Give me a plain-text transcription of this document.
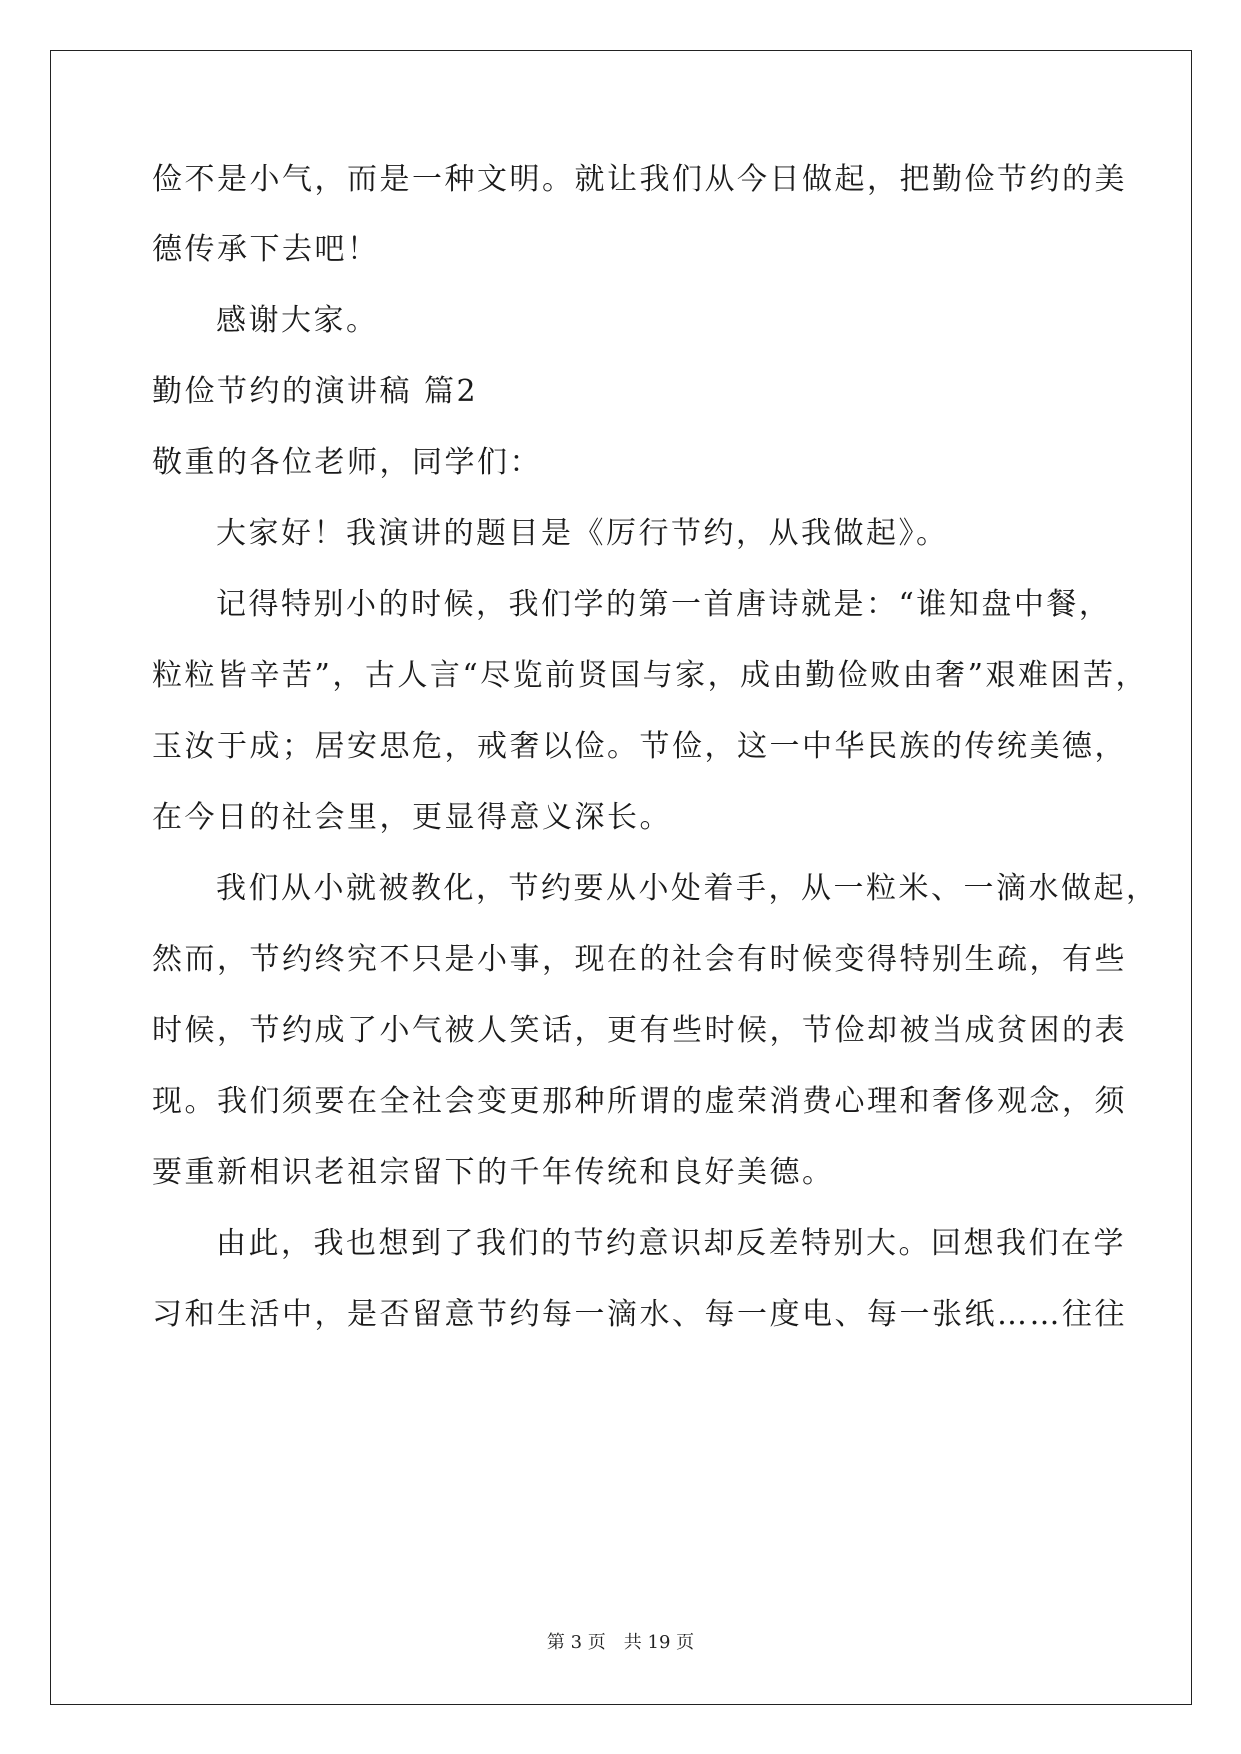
俭不是小气，而是一种文明。就让我们从今日做起，把勤俭节约的美
德传承下去吧！
感谢大家。
勤俭节约的演讲稿 篇2
敬重的各位老师，同学们：
大家好！我演讲的题目是《厉行节约，从我做起》。
记得特别小的时候，我们学的第一首唐诗就是：“谁知盘中餐，
粒粒皆辛苦”，古人言“尽览前贤国与家，成由勤俭败由奢”艰难困苦，
玉汝于成；居安思危，戒奢以俭。节俭，这一中华民族的传统美德，
在今日的社会里，更显得意义深长。
我们从小就被教化，节约要从小处着手，从一粒米、一滴水做起，
然而，节约终究不只是小事，现在的社会有时候变得特别生疏，有些
时候，节约成了小气被人笑话，更有些时候，节俭却被当成贫困的表
现。我们须要在全社会变更那种所谓的虚荣消费心理和奢侈观念，须
要重新相识老祖宗留下的千年传统和良好美德。
由此，我也想到了我们的节约意识却反差特别大。回想我们在学
习和生活中，是否留意节约每一滴水、每一度电、每一张纸……往往
第 3 页　共 19 页
